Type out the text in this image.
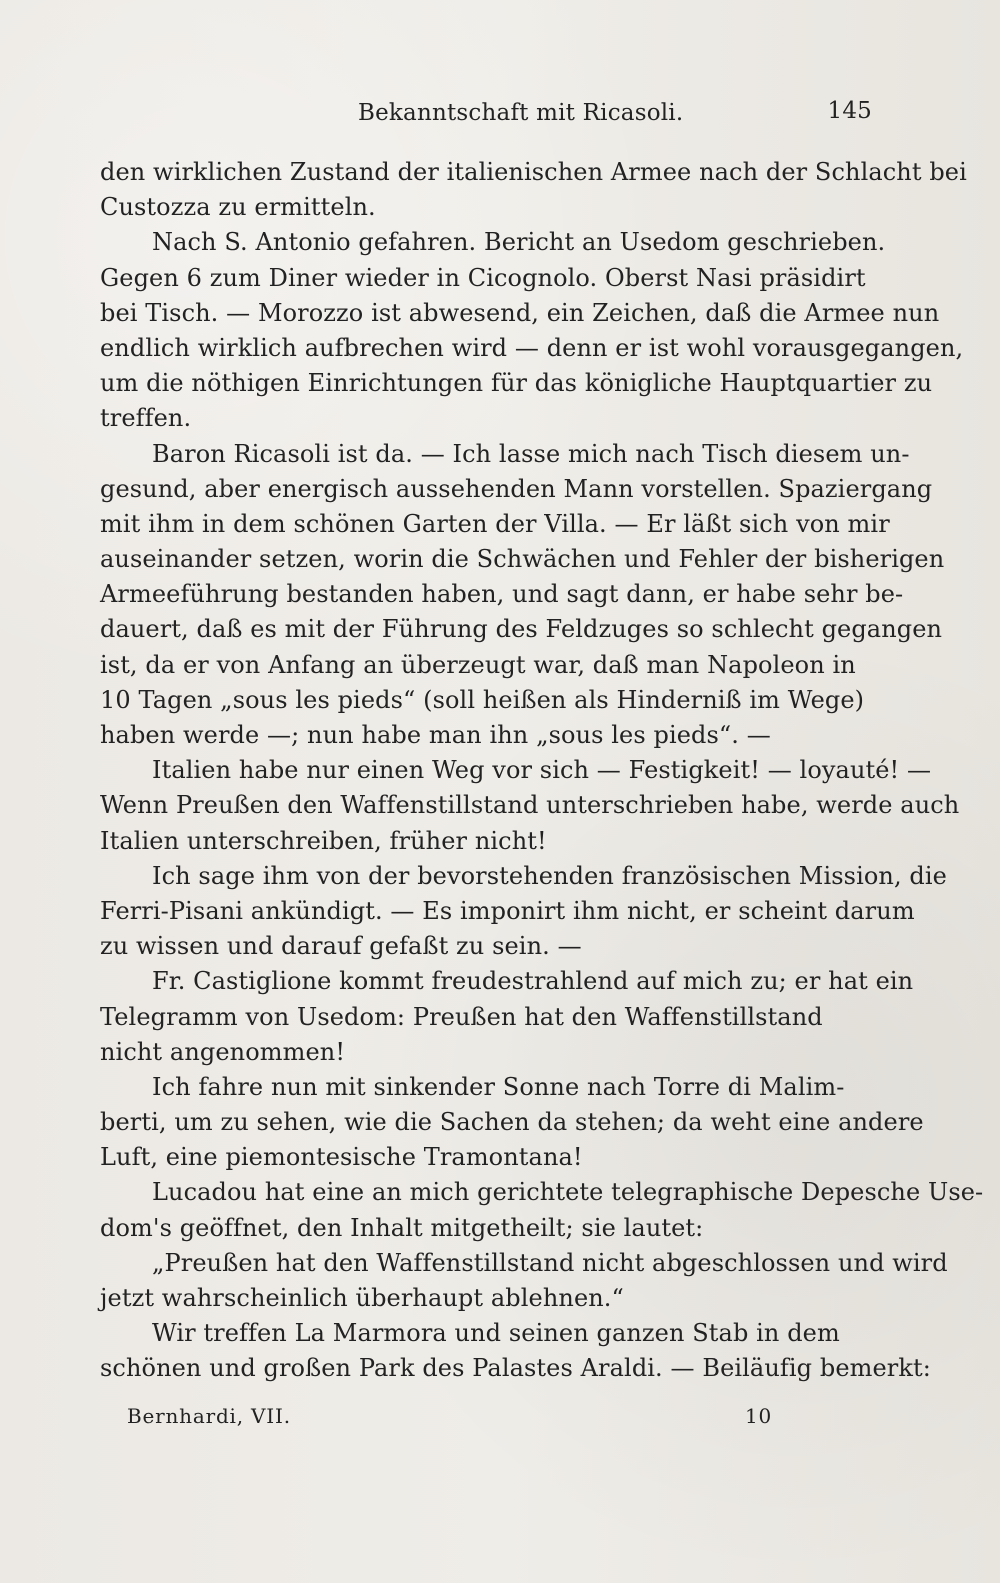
Bekanntschaft mit Ricasoli.	145
den wirklichen Zustand der italienischen Armee nach der Schlacht bei
Custozza zu ermitteln.
Nach S. Antonio gefahren. Bericht an Usedom geschrieben.
Gegen 6 zum Diner wieder in Cicognolo. Oberst Nasi präsidirt
bei Tisch. — Morozzo ist abwesend, ein Zeichen, daß die Armee nun
endlich wirklich aufbrechen wird — denn er ist wohl vorausgegangen,
um die nöthigen Einrichtungen für das königliche Hauptquartier zu
treffen.
Baron Ricasoli ist da. — Ich lasse mich nach Tisch diesem un-
gesund, aber energisch aussehenden Mann vorstellen. Spaziergang
mit ihm in dem schönen Garten der Villa. — Er läßt sich von mir
auseinander setzen, worin die Schwächen und Fehler der bisherigen
Armeeführung bestanden haben, und sagt dann, er habe sehr be-
dauert, daß es mit der Führung des Feldzuges so schlecht gegangen
ist, da er von Anfang an überzeugt war, daß man Napoleon in
10 Tagen „sous les pieds“ (soll heißen als Hinderniß im Wege)
haben werde —; nun habe man ihn „sous les pieds“. —
Italien habe nur einen Weg vor sich — Festigkeit! — loyauté! —
Wenn Preußen den Waffenstillstand unterschrieben habe, werde auch
Italien unterschreiben, früher nicht!
Ich sage ihm von der bevorstehenden französischen Mission, die
Ferri-Pisani ankündigt. — Es imponirt ihm nicht, er scheint darum
zu wissen und darauf gefaßt zu sein. —
Fr. Castiglione kommt freudestrahlend auf mich zu; er hat ein
Telegramm von Usedom: Preußen hat den Waffenstillstand
nicht angenommen!
Ich fahre nun mit sinkender Sonne nach Torre di Malim-
berti, um zu sehen, wie die Sachen da stehen; da weht eine andere
Luft, eine piemontesische Tramontana!
Lucadou hat eine an mich gerichtete telegraphische Depesche Use-
dom's geöffnet, den Inhalt mitgetheilt; sie lautet:
„Preußen hat den Waffenstillstand nicht abgeschlossen und wird
jetzt wahrscheinlich überhaupt ablehnen.“
Wir treffen La Marmora und seinen ganzen Stab in dem
schönen und großen Park des Palastes Araldi. — Beiläufig bemerkt:
Bernhardi, VII.	10
